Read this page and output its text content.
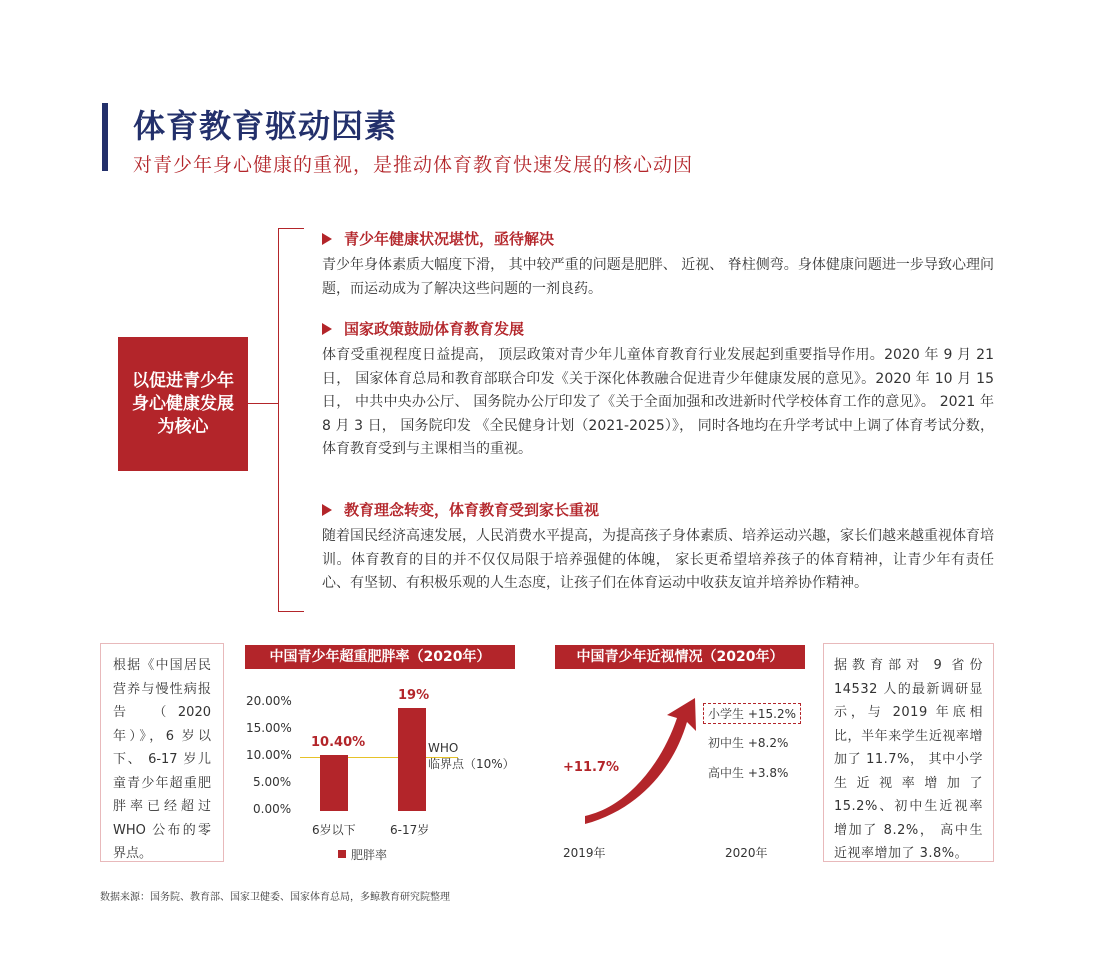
体育教育驱动因素
对青少年身心健康的重视，是推动体育教育快速发展的核心动因
以促进青少年
身心健康发展
为核心
青少年健康状况堪忧，亟待解决
青少年身体素质大幅度下滑， 其中较严重的问题是肥胖、 近视、 脊柱侧弯。身体健康问题进一步导致心理问题，而运动成为了解决这些问题的一剂良药。
国家政策鼓励体育教育发展
体育受重视程度日益提高， 顶层政策对青少年儿童体育教育行业发展起到重要指导作用。2020 年 9 月 21 日， 国家体育总局和教育部联合印发《关于深化体教融合促进青少年健康发展的意见》。2020 年 10 月 15 日， 中共中央办公厅、 国务院办公厅印发了《关于全面加强和改进新时代学校体育工作的意见》。 2021 年 8 月 3 日， 国务院印发 《全民健身计划（2021-2025）》， 同时各地均在升学考试中上调了体育考试分数，体育教育受到与主课相当的重视。
教育理念转变，体育教育受到家长重视
随着国民经济高速发展，人民消费水平提高，为提高孩子身体素质、培养运动兴趣，家长们越来越重视体育培训。体育教育的目的并不仅仅局限于培养强健的体魄， 家长更希望培养孩子的体育精神，让青少年有责任心、有坚韧、有积极乐观的人生态度，让孩子们在体育运动中收获友谊并培养协作精神。
根据《中国居民营养与慢性病报告 （2020 年）》，6 岁以下、 6-17 岁儿童青少年超重肥胖率已经超过 WHO 公布的零界点。
中国青少年超重肥胖率（2020年）
20.00%
15.00%
10.00%
5.00%
0.00%
WHO
临界点（10%）
10.40%
19%
6岁以下	6-17岁
肥胖率
中国青少年近视情况（2020年）
+11.7%
小学生 +15.2%
初中生 +8.2%
高中生 +3.8%
2019年	2020年
据教育部对 9 省份 14532 人的最新调研显示，与 2019 年底相比，半年来学生近视率增加了 11.7%， 其中小学生近视率增加了 15.2%、初中生近视率增加了 8.2%， 高中生近视率增加了 3.8%。
数据来源：国务院、教育部、国家卫健委、国家体育总局，多鲸教育研究院整理
